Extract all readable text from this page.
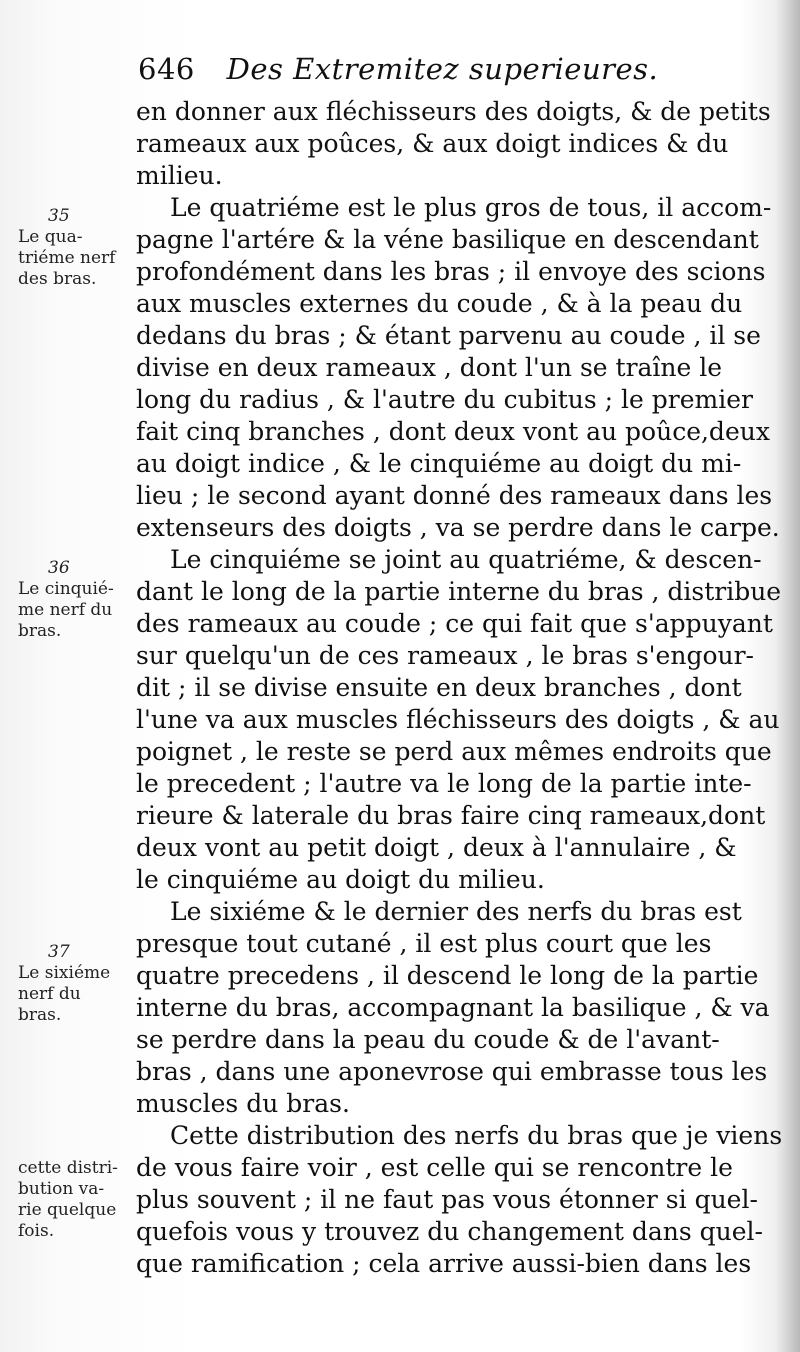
646 Des Extremitez superieures.
en donner aux fléchisseurs des doigts, & de petits
rameaux aux poûces, & aux doigt indices & du
milieu.
Le quatriéme est le plus gros de tous, il accom-
pagne l'artére & la véne basilique en descendant
profondément dans les bras ; il envoye des scions
aux muscles externes du coude , & à la peau du
dedans du bras ; & étant parvenu au coude , il se
divise en deux rameaux , dont l'un se traîne le
long du radius , & l'autre du cubitus ; le premier
fait cinq branches , dont deux vont au poûce,deux
au doigt indice , & le cinquiéme au doigt du mi-
lieu ; le second ayant donné des rameaux dans les
extenseurs des doigts , va se perdre dans le carpe.
Le cinquiéme se joint au quatriéme, & descen-
dant le long de la partie interne du bras , distribue
des rameaux au coude ; ce qui fait que s'appuyant
sur quelqu'un de ces rameaux , le bras s'engour-
dit ; il se divise ensuite en deux branches , dont
l'une va aux muscles fléchisseurs des doigts , & au
poignet , le reste se perd aux mêmes endroits que
le precedent ; l'autre va le long de la partie inte-
rieure & laterale du bras faire cinq rameaux,dont
deux vont au petit doigt , deux à l'annulaire , &
le cinquiéme au doigt du milieu.
Le sixiéme & le dernier des nerfs du bras est
presque tout cutané , il est plus court que les
quatre precedens , il descend le long de la partie
interne du bras, accompagnant la basilique , & va
se perdre dans la peau du coude & de l'avant-
bras , dans une aponevrose qui embrasse tous les
muscles du bras.
Cette distribution des nerfs du bras que je viens
de vous faire voir , est celle qui se rencontre le
plus souvent ; il ne faut pas vous étonner si quel-
quefois vous y trouvez du changement dans quel-
que ramification ; cela arrive aussi-bien dans les
35
Le qua-
triéme nerf
des bras.
36
Le cinquié-
me nerf du
bras.
37
Le sixiéme
nerf du
bras.
cette distri-
bution va-
rie quelque
fois.
